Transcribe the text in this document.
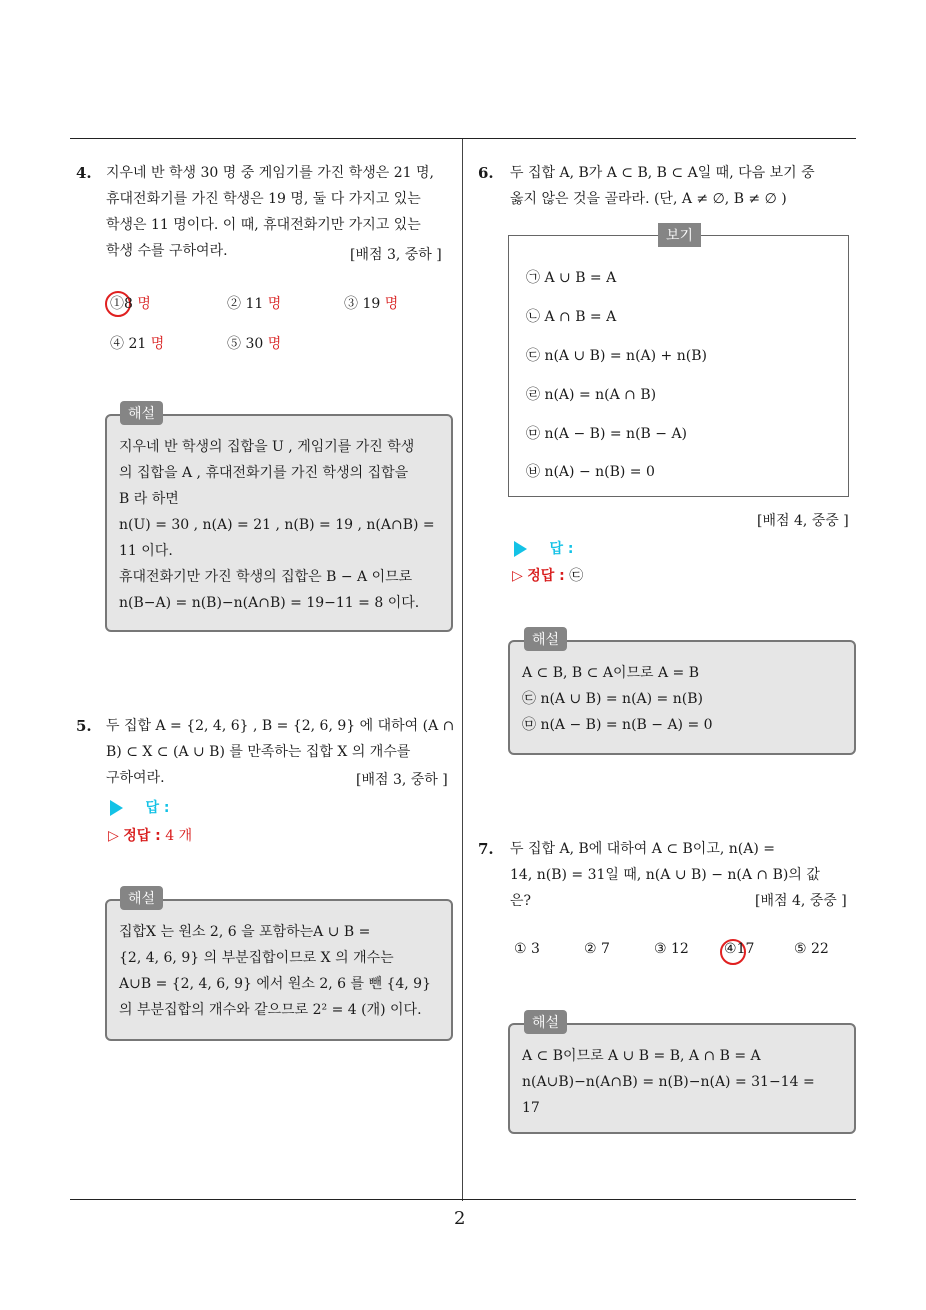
2
4. 지우네 반 학생 30 명 중 게임기를 가진 학생은 21 명,
휴대전화기를 가진 학생은 19 명, 둘 다 가지고 있는
학생은 11 명이다. 이 때, 휴대전화기만 가지고 있는
학생 수를 구하여라.	[배점 3, 중하 ]
①8 명	② 11 명	③ 19 명
④ 21 명	⑤ 30 명
지우네 반 학생의 집합을 U , 게임기를 가진 학생
의 집합을 A , 휴대전화기를 가진 학생의 집합을
B 라 하면
n(U) = 30 , n(A) = 21 , n(B) = 19 , n(A∩B) =
11 이다.
휴대전화기만 가진 학생의 집합은 B − A 이므로
n(B−A) = n(B)−n(A∩B) = 19−11 = 8 이다.
해설
5. 두 집합 A = {2, 4, 6} , B = {2, 6, 9} 에 대하여 (A ∩
B) ⊂ X ⊂ (A ∪ B) 를 만족하는 집합 X 의 개수를
구하여라.	[배점 3, 중하 ]
답 :
▷ 정답 : 4 개
집합X 는 원소 2, 6 을 포함하는A ∪ B =
{2, 4, 6, 9} 의 부분집합이므로 X 의 개수는
A∪B = {2, 4, 6, 9} 에서 원소 2, 6 를 뺀 {4, 9}
의 부분집합의 개수와 같으므로 2² = 4 (개) 이다.
해설
6. 두 집합 A, B가 A ⊂ B, B ⊂ A일 때, 다음 보기 중
옳지 않은 것을 골라라. (단, A ≠ ∅, B ≠ ∅ )
보기
㉠ A ∪ B = A
㉡ A ∩ B = A
㉢ n(A ∪ B) = n(A) + n(B)
㉣ n(A) = n(A ∩ B)
㉤ n(A − B) = n(B − A)
㉥ n(A) − n(B) = 0
[배점 4, 중중 ]
답 :
▷ 정답 : ㉢
A ⊂ B, B ⊂ A이므로 A = B
㉢ n(A ∪ B) = n(A) = n(B)
㉤ n(A − B) = n(B − A) = 0
해설
7. 두 집합 A, B에 대하여 A ⊂ B이고, n(A) =
14, n(B) = 31일 때, n(A ∪ B) − n(A ∩ B)의 값
은?	[배점 4, 중중 ]
① 3	② 7	③ 12	④17	⑤ 22
A ⊂ B이므로 A ∪ B = B, A ∩ B = A
n(A∪B)−n(A∩B) = n(B)−n(A) = 31−14 =
17
해설
